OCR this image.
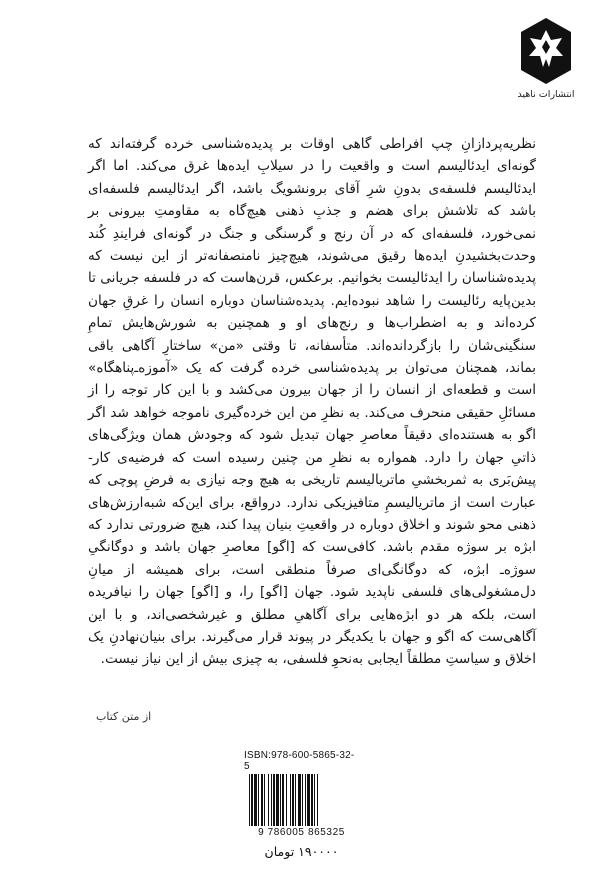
انتشارات ناهید

نظریه‌پردازانِ چپ افراطی گاهی اوقات بر پدیده‌شناسی خرده گرفته‌اند که گونه‌ای ایدئالیسم است و واقعیت را در سیلابِ ایده‌ها غرق می‌کند. اما اگر ایدئالیسم فلسفه‌ی بدونِ شرِ آقای برونشویگ باشد، اگر ایدئالیسم فلسفه‌ای باشد که تلاشش برای هضم و جذبِ ذهنی هیچ‌گاه به مقاومتِ بیرونی بر نمی‌خورد، فلسفه‌ای که در آن رنج و گرسنگی و جنگ در گونه‌ای فرایندِ کُند وحدت‌بخشیدنِ ایده‌ها رقیق می‌شوند، هیچ‌چیز نامنصفانه‌تر از این نیست که پدیده‌شناسان را ایدئالیست بخوانیم. برعکس، قرن‌هاست که در فلسفه جریانی تا بدین‌پایه رئالیست را شاهد نبوده‌ایم. پدیده‌شناسان دوباره انسان را غرقِ جهان کرده‌اند و به اضطراب‌ها و رنج‌های او و همچنین به شورش‌هایش تمامِ سنگینی‌شان را بازگردانده‌اند. متأسفانه، تا وقتی «من» ساختارِ آگاهی باقی بماند، همچنان می‌توان بر پدیده‌شناسی خرده گرفت که یک «آموزه‌ـ‌پناهگاه» است و قطعه‌ای از انسان را از جهان بیرون می‌کشد و با این کار توجه را از مسائلِ حقیقی منحرف می‌کند. به نظرِ من این خرده‌گیری ناموجه خواهد شد اگر اگو به هستنده‌ای دقیقاً معاصرِ جهان تبدیل شود که وجودش همان ویژگی‌های ذاتیِ جهان را دارد. همواره به نظرِ من چنین رسیده است که فرضیه‌ی کار‑ پیش‌بَری به ثمربخشیِ ماتریالیسم تاریخی به هیچ وجه نیازی به فرضِ پوچی که عبارت است از ماتریالیسمِ متافیزیکی ندارد. درواقع، برای این‌که شبه‌ارزش‌های ذهنی محو شوند و اخلاق دوباره در واقعیتِ بنیان پیدا کند، هیچ ضرورتی ندارد که ابژه بر سوژه مقدم باشد. کافی‌ست که [اگو] معاصرِ جهان باشد و دوگانگیِ سوژه‌ـ ابژه، که دوگانگی‌ای صرفاً منطقی است، برای همیشه از میانِ دل‌مشغولی‌های فلسفی ناپدید شود. جهان [اگو] را، و [اگو] جهان را نیافریده است، بلکه هر دو ابژه‌هایی برای آگاهیِ مطلق و غیرشخصی‌اند، و با این آگاهی‌ست که اگو و جهان با یکدیگر در پیوند قرار می‌گیرند. برای بنیان‌نهادنِ یک اخلاق و سیاستِ مطلقاً ایجابی به‌نحوِ فلسفی، به چیزی بیش از این نیاز نیست.

از متن کتاب
ISBN:978-600-5865-32-5
9 786005 865325
۱۹۰۰۰۰ تومان
